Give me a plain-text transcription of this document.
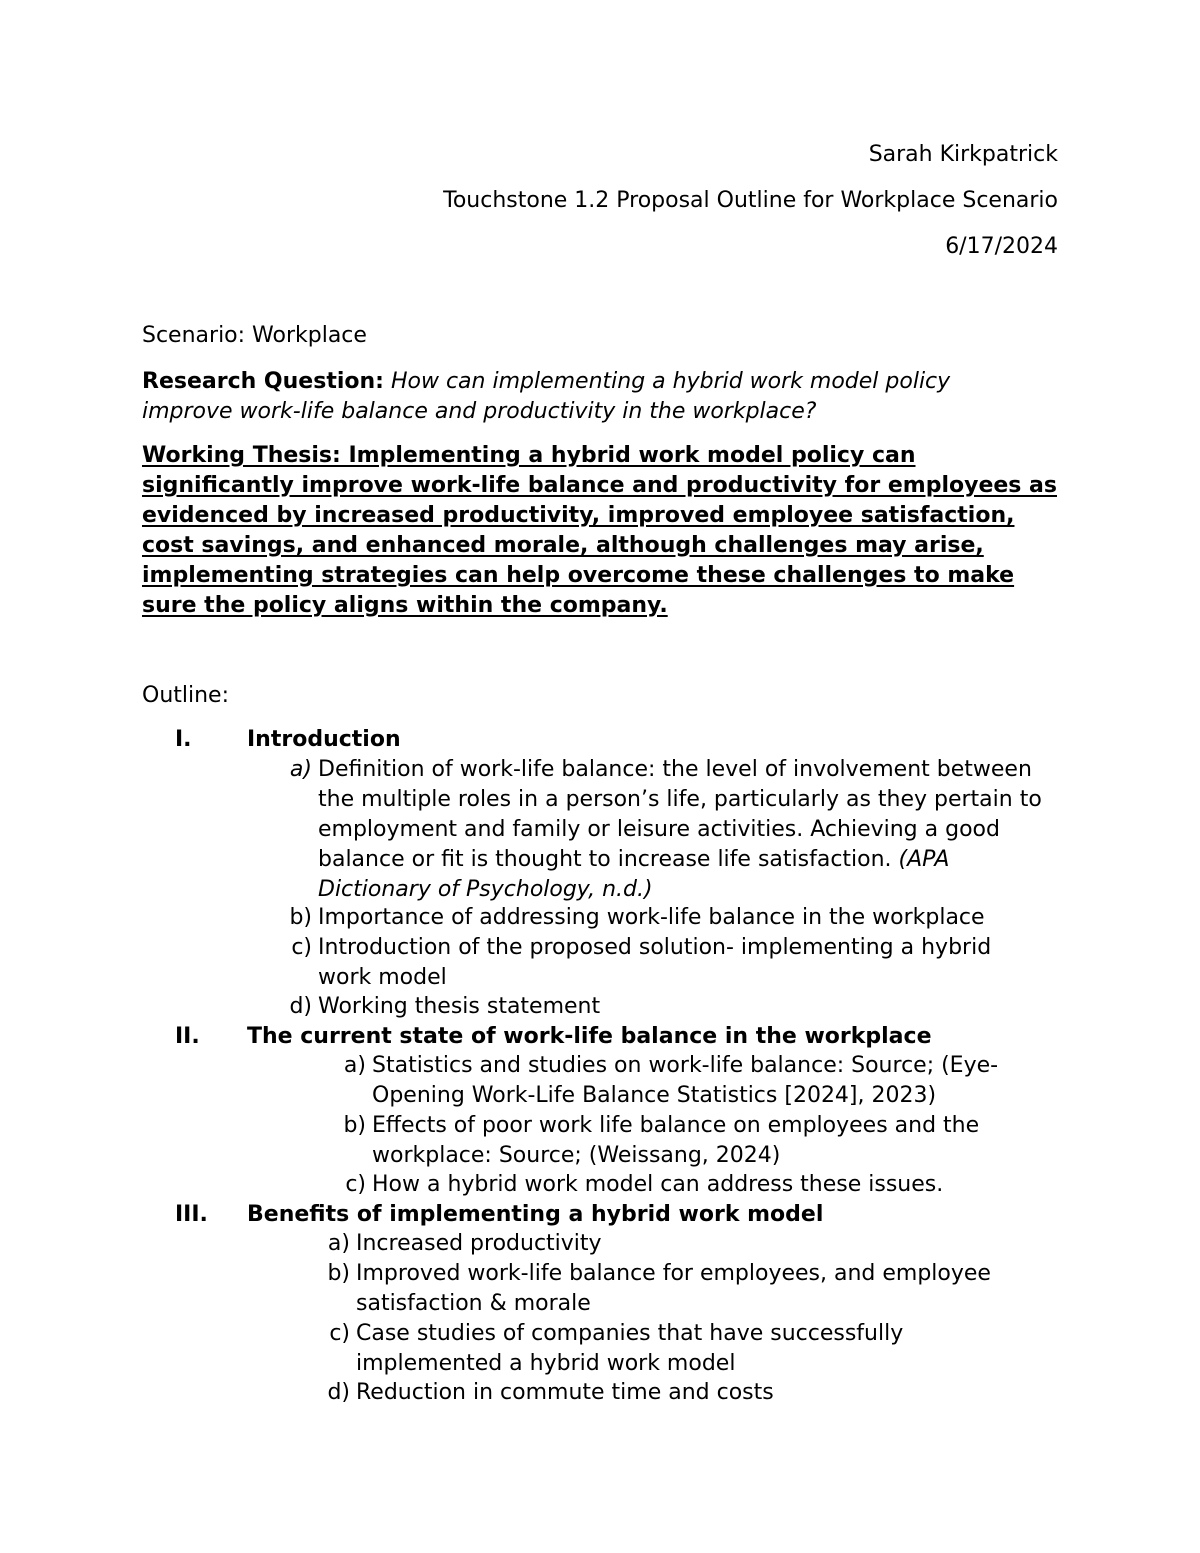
Sarah Kirkpatrick
Touchstone 1.2 Proposal Outline for Workplace Scenario
6/17/2024
Scenario: Workplace
Research Question: How can implementing a hybrid work model policy improve work-life balance and productivity in the workplace?
Working Thesis: Implementing a hybrid work model policy can significantly improve work-life balance and productivity for employees as evidenced by increased productivity, improved employee satisfaction, cost savings, and enhanced morale, although challenges may arise, implementing strategies can help overcome these challenges to make sure the policy aligns within the company.
Outline:
I.	Introduction
a) Definition of work-life balance: the level of involvement between the multiple roles in a person’s life, particularly as they pertain to employment and family or leisure activities. Achieving a good balance or fit is thought to increase life satisfaction. (APA Dictionary of Psychology, n.d.)
b) Importance of addressing work-life balance in the workplace
c) Introduction of the proposed solution- implementing a hybrid work model
d) Working thesis statement
II. The current state of work-life balance in the workplace
a) Statistics and studies on work-life balance: Source; (Eye-Opening Work-Life Balance Statistics [2024], 2023)
b) Effects of poor work life balance on employees and the workplace: Source; (Weissang, 2024)
c) How a hybrid work model can address these issues.
III. Benefits of implementing a hybrid work model
a) Increased productivity
b) Improved work-life balance for employees, and employee satisfaction & morale
c) Case studies of companies that have successfully implemented a hybrid work model
d) Reduction in commute time and costs
